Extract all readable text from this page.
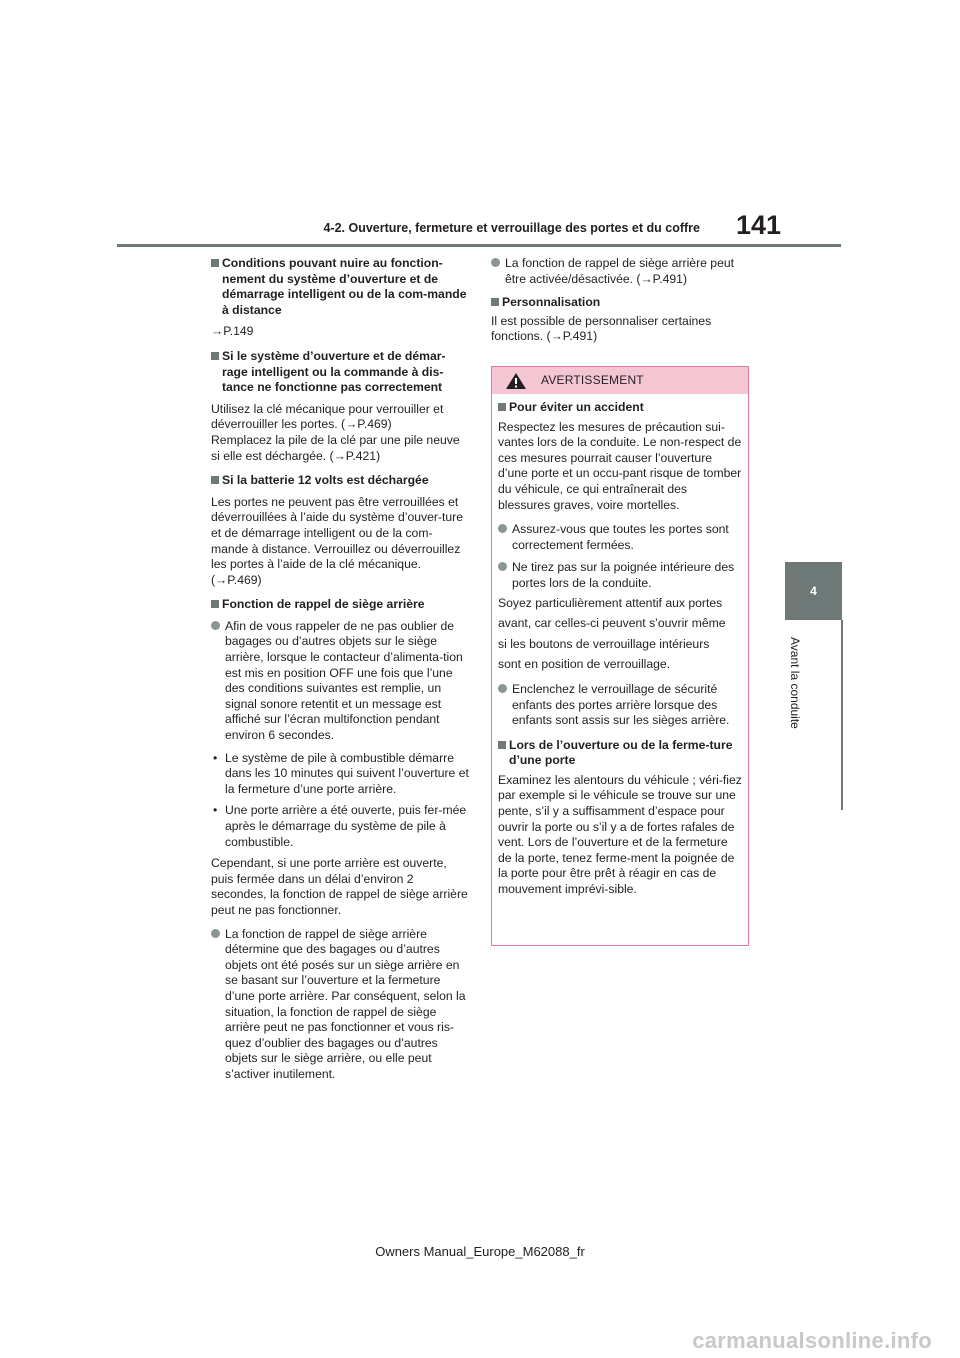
4-2. Ouverture, fermeture et verrouillage des portes et du coffre 141
4
Avant la conduite
Conditions pouvant nuire au fonction-nement du système d’ouverture et de démarrage intelligent ou de la com-mande à distance
→P.149
Si le système d’ouverture et de démar-rage intelligent ou la commande à dis-tance ne fonctionne pas correctement
Utilisez la clé mécanique pour verrouiller et déverrouiller les portes. (→P.469)
Remplacez la pile de la clé par une pile neuve si elle est déchargée. (→P.421)
Si la batterie 12 volts est déchargée
Les portes ne peuvent pas être verrouillées et déverrouillées à l’aide du système d’ouver-ture et de démarrage intelligent ou de la com-mande à distance. Verrouillez ou déverrouillez les portes à l’aide de la clé mécanique. (→P.469)
Fonction de rappel de siège arrière
Afin de vous rappeler de ne pas oublier de bagages ou d’autres objets sur le siège arrière, lorsque le contacteur d’alimenta-tion est mis en position OFF une fois que l’une des conditions suivantes est remplie, un signal sonore retentit et un message est affiché sur l’écran multifonction pendant environ 6 secondes.
• Le système de pile à combustible démarre dans les 10 minutes qui suivent l’ouverture et la fermeture d’une porte arrière.
• Une porte arrière a été ouverte, puis fer-mée après le démarrage du système de pile à combustible.
Cependant, si une porte arrière est ouverte, puis fermée dans un délai d’environ 2 secondes, la fonction de rappel de siège arrière peut ne pas fonctionner.
La fonction de rappel de siège arrière détermine que des bagages ou d’autres objets ont été posés sur un siège arrière en se basant sur l’ouverture et la fermeture d’une porte arrière. Par conséquent, selon la situation, la fonction de rappel de siège arrière peut ne pas fonctionner et vous ris-quez d’oublier des bagages ou d’autres objets sur le siège arrière, ou elle peut s’activer inutilement.
La fonction de rappel de siège arrière peut être activée/désactivée. (→P.491)
Personnalisation
Il est possible de personnaliser certaines fonctions. (→P.491)
AVERTISSEMENT
Pour éviter un accident
Respectez les mesures de précaution sui-vantes lors de la conduite. Le non-respect de ces mesures pourrait causer l’ouverture d’une porte et un occu-pant risque de tomber du véhicule, ce qui entraînerait des blessures graves, voire mortelles.
Assurez-vous que toutes les portes sont correctement fermées.
Ne tirez pas sur la poignée intérieure des portes lors de la conduite.
Soyez particulièrement attentif aux portes
avant, car celles-ci peuvent s’ouvrir même
si les boutons de verrouillage intérieurs
sont en position de verrouillage.
Enclenchez le verrouillage de sécurité enfants des portes arrière lorsque des enfants sont assis sur les sièges arrière.
Lors de l’ouverture ou de la ferme-ture d’une porte
Examinez les alentours du véhicule ; véri-fiez par exemple si le véhicule se trouve sur une pente, s’il y a suffisamment d’espace pour ouvrir la porte ou s’il y a de fortes rafales de vent. Lors de l’ouverture et de la fermeture de la porte, tenez ferme-ment la poignée de la porte pour être prêt à réagir en cas de mouvement imprévi-sible.
Owners Manual_Europe_M62088_fr
carmanualsonline.info
